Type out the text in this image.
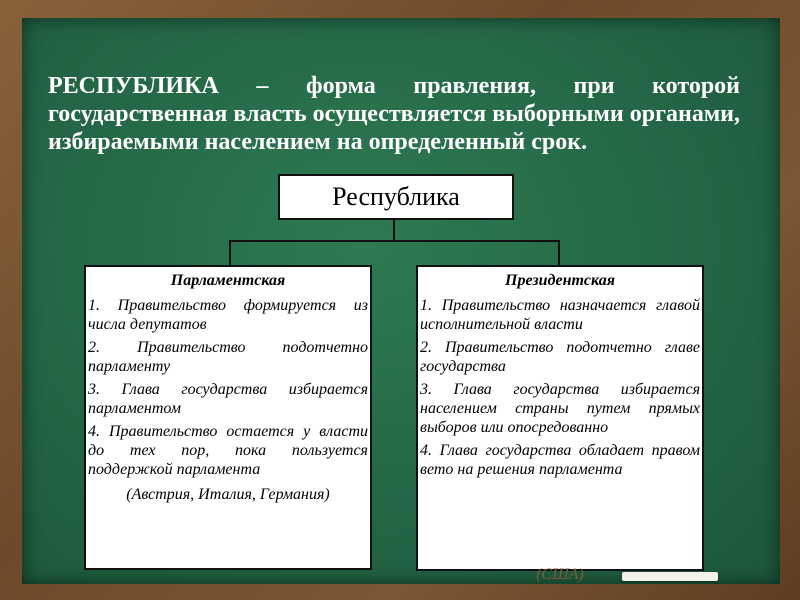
РЕСПУБЛИКА – форма правления, при которой государственная власть осуществляется выборными органами, избираемыми населением на определенный срок.
Республика
Парламентская
1. Правительство формируется из числа депутатов
2. Правительство подотчетно парламенту
3. Глава государства избирается парламентом
4. Правительство остается у власти до тех пор, пока пользуется поддержкой парламента
(Австрия, Италия, Германия)
Президентская
1. Правительство назначается главой исполнительной власти
2. Правительство подотчетно главе государства
3. Глава государства избирается населением страны путем прямых выборов или опосредованно
4. Глава государства обладает правом вето на решения парламента
(США)
